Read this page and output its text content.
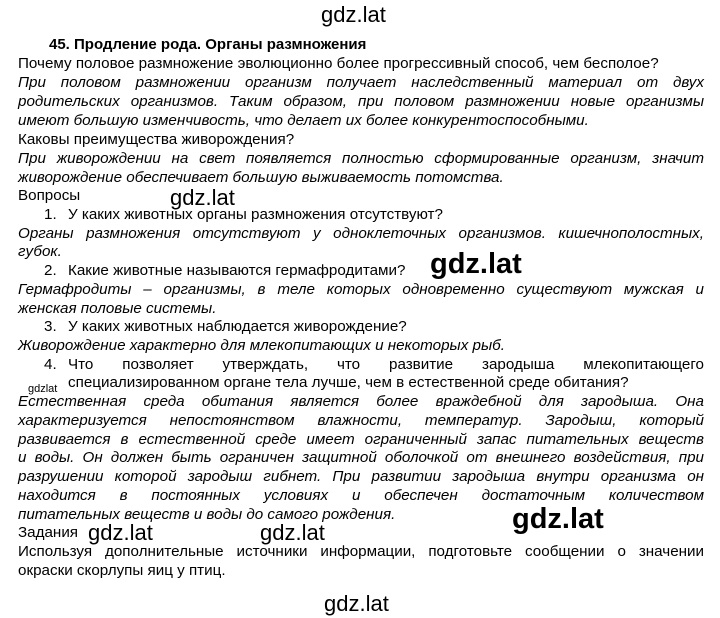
gdz.lat
45. Продление рода. Органы размножения
Почему половое размножение эволюционно более прогрессивный способ, чем бесполое?
При половом размножении организм получает наследственный материал от двух
родительских организмов. Таким образом, при половом размножении новые организмы
имеют большую изменчивость, что делает их более конкурентоспособными.
Каковы преимущества живорождения?
При живорождении на свет появляется полностью сформированные организм, значит
живорождение обеспечивает большую выживаемость потомства.
Вопросы	gdz.lat
1. У каких животных органы размножения отсутствуют?
Органы размножения отсутствуют у одноклеточных организмов. кишечнополостных,
губок.
2. Какие животные называются гермафродитами? gdz.lat
Гермафродиты – организмы, в теле которых одновременно существуют мужская и
женская половые системы.
3. У каких животных наблюдается живорождение?
Живорождение характерно для млекопитающих и некоторых рыб.
4. Что позволяет утверждать, что развитие зародыша млекопитающего
специализированном органе тела лучше, чем в естественной среде обитания?
gdzlat
Естественная среда обитания является более враждебной для зародыша. Она
характеризуется непостоянством влажности, температур. Зародыш, который
развивается в естественной среде имеет ограниченный запас питательных веществ
и воды. Он должен быть ограничен защитной оболочкой от внешнего воздействия, при
разрушении которой зародыш гибнет. При развитии зародыша внутри организма он
находится в постоянных условиях и обеспечен достаточным количеством
питательных веществ и воды до самого рождения.	gdz.lat
Задания gdz.lat	gdz.lat
Используя дополнительные источники информации, подготовьте сообщении о значении
окраски скорлупы яиц у птиц.
gdz.lat
